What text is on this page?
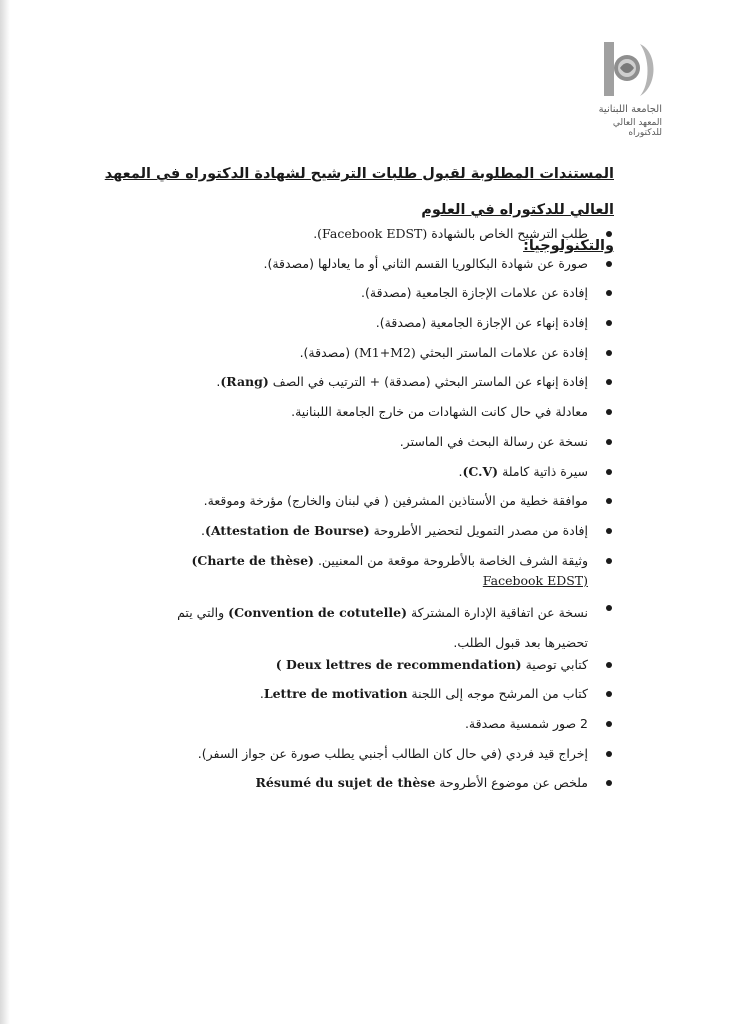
الجامعة اللبنانية
المعهد العالي للدكتوراه
المستندات المطلوبة لقبول طلبات الترشيح لشهادة الدكتوراه في المعهد العالي للدكتوراه في العلوم
والتكنولوجيا:
طلب الترشيح الخاص بالشهادة (Facebook EDST).
صورة عن شهادة البكالوريا القسم الثاني أو ما يعادلها (مصدقة).
إفادة عن علامات الإجازة الجامعية (مصدقة).
إفادة إنهاء عن الإجازة الجامعية (مصدقة).
إفادة عن علامات الماستر البحثي (M1+M2) (مصدقة).
إفادة إنهاء عن الماستر البحثي (مصدقة) + الترتيب في الصف (Rang).
معادلة في حال كانت الشهادات من خارج الجامعة اللبنانية.
نسخة عن رسالة البحث في الماستر.
سيرة ذاتية كاملة (C.V).
موافقة خطية من الأستاذين المشرفين ( في لبنان والخارج) مؤرخة وموقعة.
إفادة من مصدر التمويل لتحضير الأطروحة (Attestation de Bourse).
وثيقة الشرف الخاصة بالأطروحة موقعة من المعنيين. (Charte de thèse)
Facebook EDST)
نسخة عن اتفاقية الإدارة المشتركة (Convention de cotutelle) والتي يتم
تحضيرها بعد قبول الطلب.
كتابي توصية ( Deux lettres de recommendation)
كتاب من المرشح موجه إلى اللجنة Lettre de motivation.
2 صور شمسية مصدقة.
إخراج قيد فردي (في حال كان الطالب أجنبي يطلب صورة عن جواز السفر).
ملخص عن موضوع الأطروحة Résumé du sujet de thèse
